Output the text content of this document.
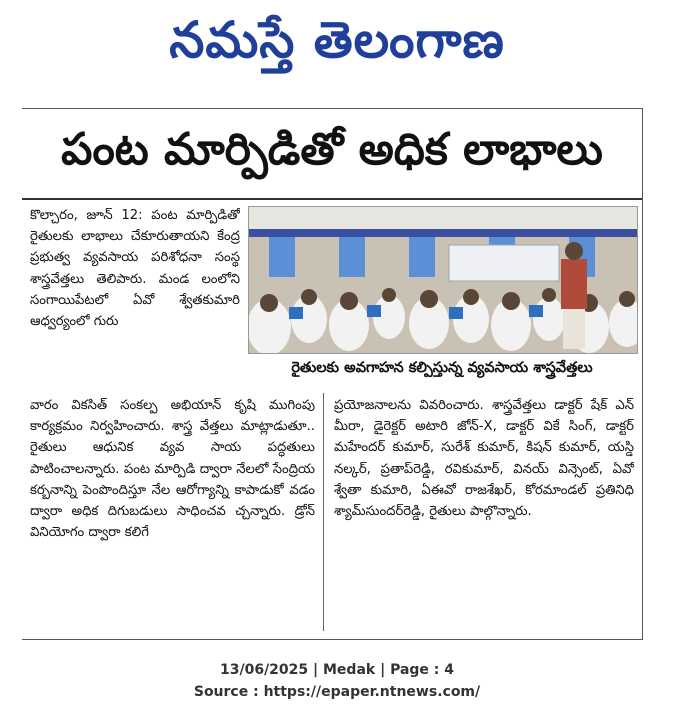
నమస్తే తెలంగాణ
పంట మార్పిడితో అధిక లాభాలు
కొల్చారం, జూన్ 12: పంట మార్పిడితో రైతులకు లాభాలు చేకూరుతాయని కేంద్ర ప్రభుత్వ వ్యవసాయ పరిశోధనా సంస్థ శాస్త్రవేత్తలు తెలిపారు. మండ లంలోని సంగాయిపేటలో ఏవో శ్వేతకుమారి ఆధ్వర్యంలో గురు
రైతులకు అవగాహన కల్పిస్తున్న వ్యవసాయ శాస్త్రవేత్తలు
వారం వికసిత్ సంకల్ప అభియాన్ కృషి ముగింపు కార్యక్రమం నిర్వహించారు. శాస్త్ర వేత్తలు మాట్లాడుతూ.. రైతులు ఆధునిక వ్యవ సాయ పద్ధతులు పాటించాలన్నారు. పంట మార్పిడి ద్వారా నేలలో సేంద్రియ కర్బనాన్ని పెంపొందిస్తూ నేల ఆరోగ్యాన్ని కాపాడుకో వడం ద్వారా అధిక దిగుబడులు సాధించవ చ్చన్నారు. డ్రోన్ వినియోగం ద్వారా కలిగే
ప్రయోజనాలను వివరించారు. శాస్త్రవేత్తలు డాక్టర్ షేక్ ఎన్ మీరా, డైరెక్టర్ అటారి జోన్-X, డాక్టర్ వికే సింగ్, డాక్టర్ మహేందర్ కుమార్, సురేశ్ కుమార్, కిషన్ కుమార్, యస్డి నల్కర్, ప్రతాప్‌రెడ్డి, రవికుమార్, వినయ్ విన్సెంట్, ఏవో శ్వేతా కుమారి, ఏఈవో రాజశేఖర్, కోరమాండల్ ప్రతినిధి శ్యామ్‌సుందర్‌రెడ్డి, రైతులు పాల్గొన్నారు.
13/06/2025 | Medak | Page : 4
Source : https://epaper.ntnews.com/
